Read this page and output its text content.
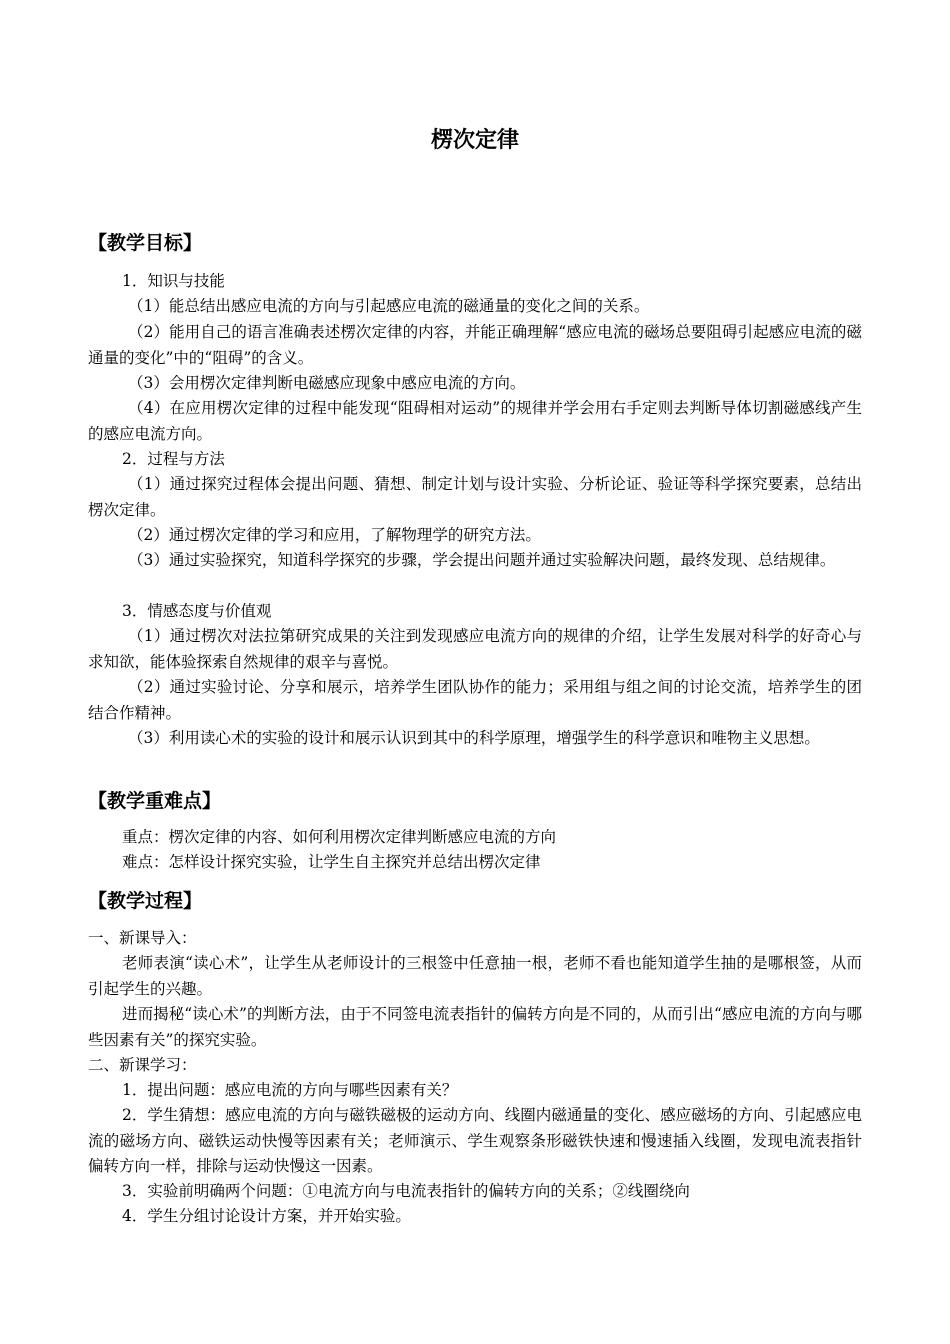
楞次定律
【教学目标】
1．知识与技能
（1）能总结出感应电流的方向与引起感应电流的磁通量的变化之间的关系。
（2）能用自己的语言准确表述楞次定律的内容，并能正确理解“感应电流的磁场总要阻碍引起感应电流的磁通量的变化”中的“阻碍”的含义。
（3）会用楞次定律判断电磁感应现象中感应电流的方向。
（4）在应用楞次定律的过程中能发现“阻碍相对运动”的规律并学会用右手定则去判断导体切割磁感线产生的感应电流方向。
2．过程与方法
（1）通过探究过程体会提出问题、猜想、制定计划与设计实验、分析论证、验证等科学探究要素，总结出楞次定律。
（2）通过楞次定律的学习和应用，了解物理学的研究方法。
（3）通过实验探究，知道科学探究的步骤，学会提出问题并通过实验解决问题，最终发现、总结规律。
3．情感态度与价值观
（1）通过楞次对法拉第研究成果的关注到发现感应电流方向的规律的介绍，让学生发展对科学的好奇心与求知欲，能体验探索自然规律的艰辛与喜悦。
（2）通过实验讨论、分享和展示，培养学生团队协作的能力；采用组与组之间的讨论交流，培养学生的团结合作精神。
（3）利用读心术的实验的设计和展示认识到其中的科学原理，增强学生的科学意识和唯物主义思想。
【教学重难点】
重点：楞次定律的内容、如何利用楞次定律判断感应电流的方向
难点：怎样设计探究实验，让学生自主探究并总结出楞次定律
【教学过程】
一、新课导入：
老师表演“读心术”，让学生从老师设计的三根签中任意抽一根，老师不看也能知道学生抽的是哪根签，从而引起学生的兴趣。
进而揭秘“读心术”的判断方法，由于不同签电流表指针的偏转方向是不同的，从而引出“感应电流的方向与哪些因素有关”的探究实验。
二、新课学习：
1．提出问题：感应电流的方向与哪些因素有关？
2．学生猜想：感应电流的方向与磁铁磁极的运动方向、线圈内磁通量的变化、感应磁场的方向、引起感应电流的磁场方向、磁铁运动快慢等因素有关；老师演示、学生观察条形磁铁快速和慢速插入线圈，发现电流表指针偏转方向一样，排除与运动快慢这一因素。
3．实验前明确两个问题：①电流方向与电流表指针的偏转方向的关系；②线圈绕向
4．学生分组讨论设计方案，并开始实验。
